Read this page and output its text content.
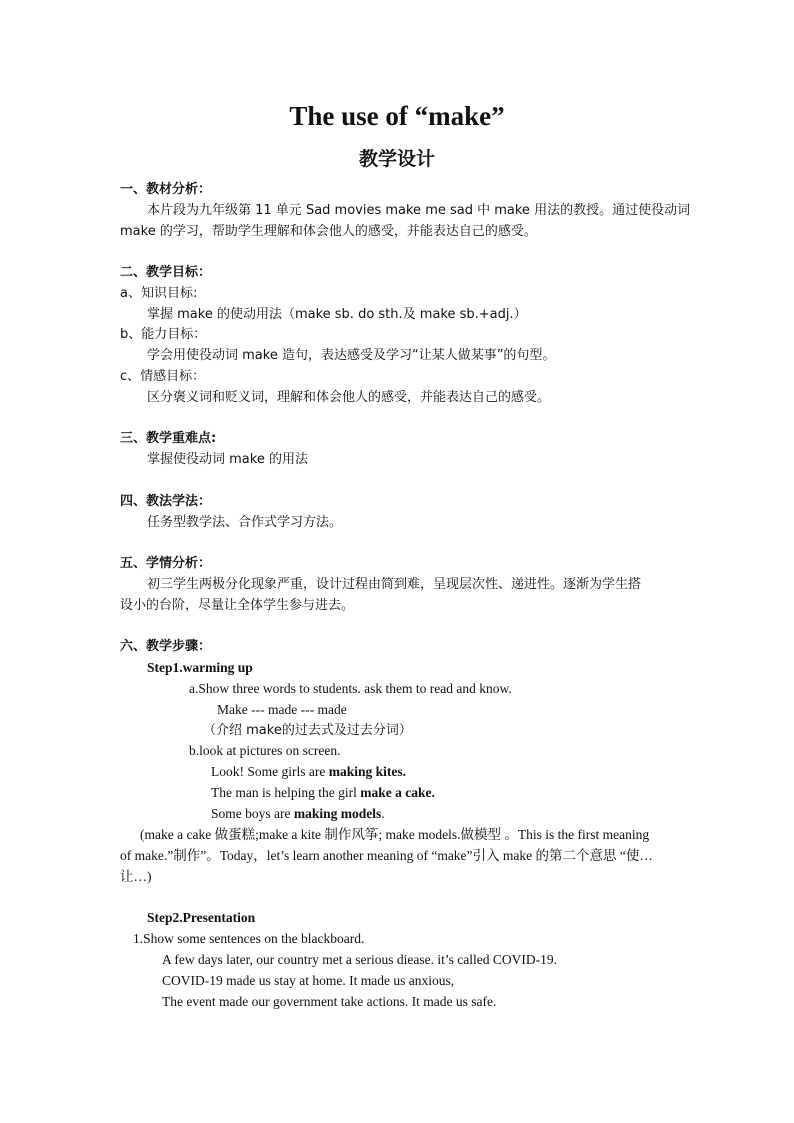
The use of “make”
教学设计
一、教材分析：
本片段为九年级第 11 单元 Sad movies make me sad 中 make 用法的教授。通过使役动词
make 的学习，帮助学生理解和体会他人的感受，并能表达自己的感受。
二、教学目标：
a、知识目标:
掌握 make 的使动用法（make sb. do sth.及 make sb.+adj.）
b、能力目标：
学会用使役动词 make 造句，表达感受及学习“让某人做某事”的句型。
c、情感目标：
区分褒义词和贬义词，理解和体会他人的感受，并能表达自己的感受。
三、教学重难点:
掌握使役动词 make 的用法
四、教法学法：
任务型教学法、合作式学习方法。
五、学情分析：
初三学生两极分化现象严重，设计过程由简到难，呈现层次性、递进性。逐渐为学生搭
设小的台阶，尽量让全体学生参与进去。
六、教学步骤：
Step1.warming up
a.Show three words to students. ask them to read and know.
Make --- made --- made
（介绍 make的过去式及过去分词）
b.look at pictures on screen.
Look! Some girls are making kites.
The man is helping the girl make a cake.
Some boys are making models.
(make a cake 做蛋糕;make a kite 制作风筝; make models.做模型 。This is the first meaning
of make.”制作”。Today，let’s learn another meaning of “make”引入 make 的第二个意思 “使…
让…)
Step2.Presentation
1.Show some sentences on the blackboard.
A few days later, our country met a serious diease. it’s called COVID-19.
COVID-19 made us stay at home. It made us anxious,
The event made our government take actions. It made us safe.
